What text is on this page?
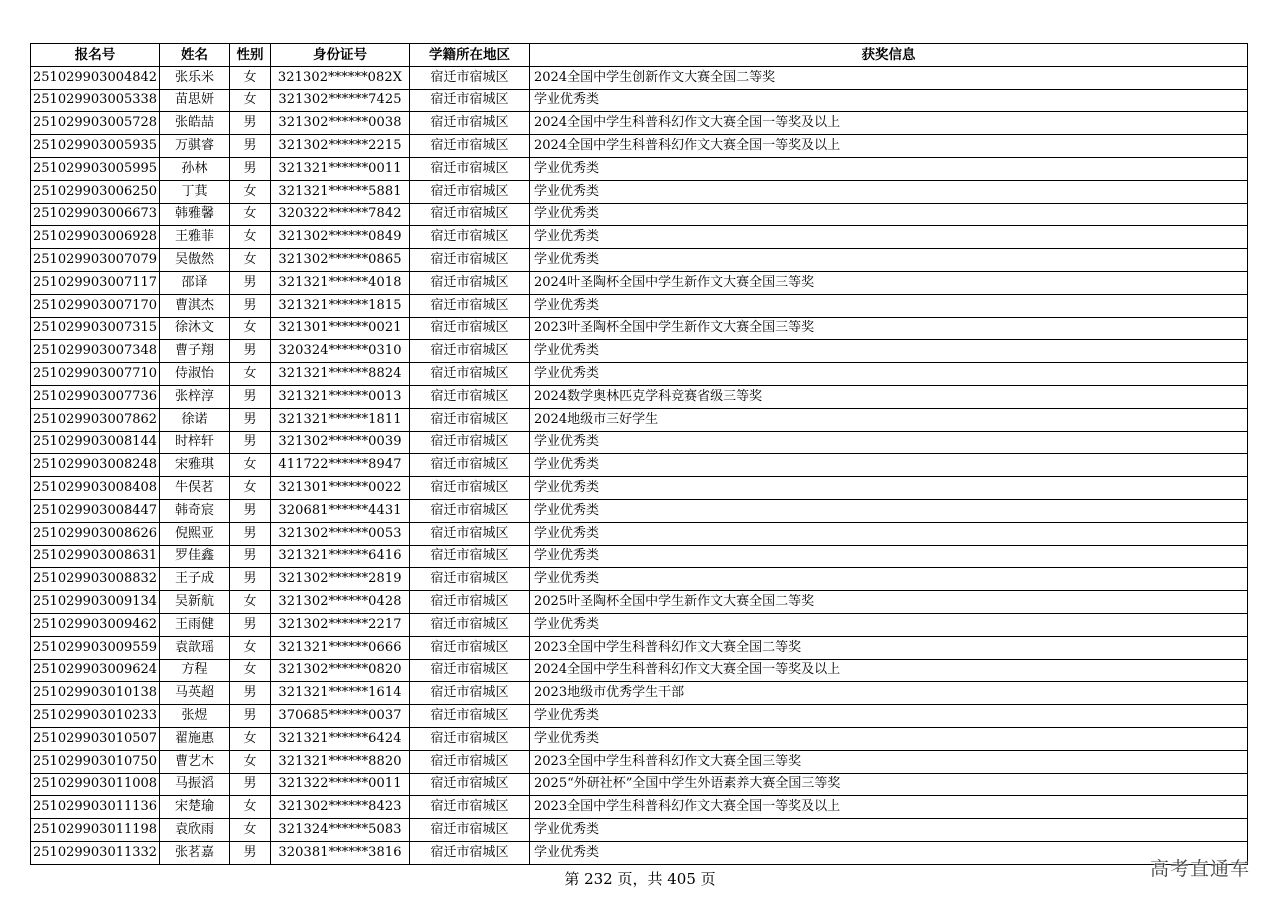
报名号	姓名	性别	身份证号	学籍所在地区	获奖信息
251029903004842	张乐米	女	321302******082X	宿迁市宿城区	2024全国中学生创新作文大赛全国二等奖
251029903005338	苗思妍	女	321302******7425	宿迁市宿城区	学业优秀类
251029903005728	张皓喆	男	321302******0038	宿迁市宿城区	2024全国中学生科普科幻作文大赛全国一等奖及以上
251029903005935	万骐睿	男	321302******2215	宿迁市宿城区	2024全国中学生科普科幻作文大赛全国一等奖及以上
251029903005995	孙林	男	321321******0011	宿迁市宿城区	学业优秀类
251029903006250	丁萁	女	321321******5881	宿迁市宿城区	学业优秀类
251029903006673	韩雅馨	女	320322******7842	宿迁市宿城区	学业优秀类
251029903006928	王雅菲	女	321302******0849	宿迁市宿城区	学业优秀类
251029903007079	吴傲然	女	321302******0865	宿迁市宿城区	学业优秀类
251029903007117	邵译	男	321321******4018	宿迁市宿城区	2024叶圣陶杯全国中学生新作文大赛全国三等奖
251029903007170	曹淇杰	男	321321******1815	宿迁市宿城区	学业优秀类
251029903007315	徐沐文	女	321301******0021	宿迁市宿城区	2023叶圣陶杯全国中学生新作文大赛全国三等奖
251029903007348	曹子翔	男	320324******0310	宿迁市宿城区	学业优秀类
251029903007710	侍淑怡	女	321321******8824	宿迁市宿城区	学业优秀类
251029903007736	张梓淳	男	321321******0013	宿迁市宿城区	2024数学奥林匹克学科竞赛省级三等奖
251029903007862	徐诺	男	321321******1811	宿迁市宿城区	2024地级市三好学生
251029903008144	时梓轩	男	321302******0039	宿迁市宿城区	学业优秀类
251029903008248	宋雅琪	女	411722******8947	宿迁市宿城区	学业优秀类
251029903008408	牛俣茗	女	321301******0022	宿迁市宿城区	学业优秀类
251029903008447	韩奇宸	男	320681******4431	宿迁市宿城区	学业优秀类
251029903008626	倪熙亚	男	321302******0053	宿迁市宿城区	学业优秀类
251029903008631	罗佳鑫	男	321321******6416	宿迁市宿城区	学业优秀类
251029903008832	王子成	男	321302******2819	宿迁市宿城区	学业优秀类
251029903009134	吴新航	女	321302******0428	宿迁市宿城区	2025叶圣陶杯全国中学生新作文大赛全国二等奖
251029903009462	王雨健	男	321302******2217	宿迁市宿城区	学业优秀类
251029903009559	袁歆瑶	女	321321******0666	宿迁市宿城区	2023全国中学生科普科幻作文大赛全国二等奖
251029903009624	方程	女	321302******0820	宿迁市宿城区	2024全国中学生科普科幻作文大赛全国一等奖及以上
251029903010138	马英超	男	321321******1614	宿迁市宿城区	2023地级市优秀学生干部
251029903010233	张煜	男	370685******0037	宿迁市宿城区	学业优秀类
251029903010507	翟施惠	女	321321******6424	宿迁市宿城区	学业优秀类
251029903010750	曹艺木	女	321321******8820	宿迁市宿城区	2023全国中学生科普科幻作文大赛全国三等奖
251029903011008	马振滔	男	321322******0011	宿迁市宿城区	2025“外研社杯”全国中学生外语素养大赛全国三等奖
251029903011136	宋楚瑜	女	321302******8423	宿迁市宿城区	2023全国中学生科普科幻作文大赛全国一等奖及以上
251029903011198	袁欣雨	女	321324******5083	宿迁市宿城区	学业优秀类
251029903011332	张茗嘉	男	320381******3816	宿迁市宿城区	学业优秀类
第 232 页，共 405 页	高考直通车
